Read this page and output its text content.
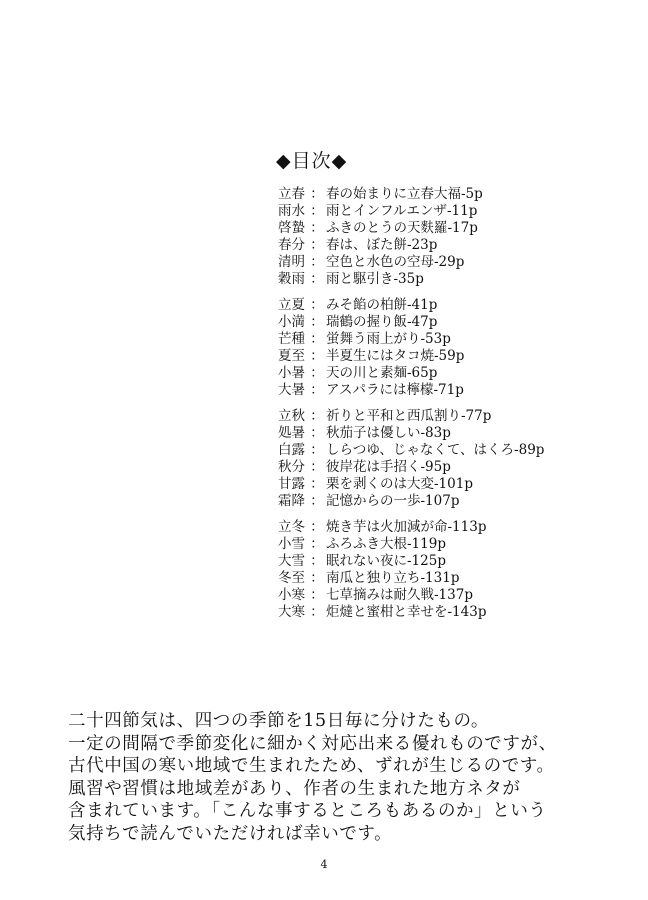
◆目次◆
立春 ： 春の始まりに立春大福-5p
雨水 ： 雨とインフルエンザ-11p
啓蟄 ： ふきのとうの天麩羅-17p
春分 ： 春は、ぼた餅-23p
清明 ： 空色と水色の空母-29p
穀雨 ： 雨と駆引き-35p
立夏 ： みそ餡の柏餅-41p
小満 ： 瑞鶴の握り飯-47p
芒種 ： 蛍舞う雨上がり-53p
夏至 ： 半夏生にはタコ焼-59p
小暑 ： 天の川と素麺-65p
大暑 ： アスパラには檸檬-71p
立秋 ： 祈りと平和と西瓜割り-77p
処暑 ： 秋茄子は優しい-83p
白露 ： しらつゆ、じゃなくて、はくろ-89p
秋分 ： 彼岸花は手招く-95p
甘露 ： 栗を剥くのは大変-101p
霜降 ： 記憶からの一歩-107p
立冬 ： 焼き芋は火加減が命-113p
小雪 ： ふろふき大根-119p
大雪 ： 眠れない夜に-125p
冬至 ： 南瓜と独り立ち-131p
小寒 ： 七草摘みは耐久戦-137p
大寒 ： 炬燵と蜜柑と幸せを-143p
二十四節気は、四つの季節を15日毎に分けたもの。
一定の間隔で季節変化に細かく対応出来る優れものですが、
古代中国の寒い地域で生まれたため、ずれが生じるのです。
風習や習慣は地域差があり、作者の生まれた地方ネタが
含まれています。「こんな事するところもあるのか」という
気持ちで読んでいただければ幸いです。
4
